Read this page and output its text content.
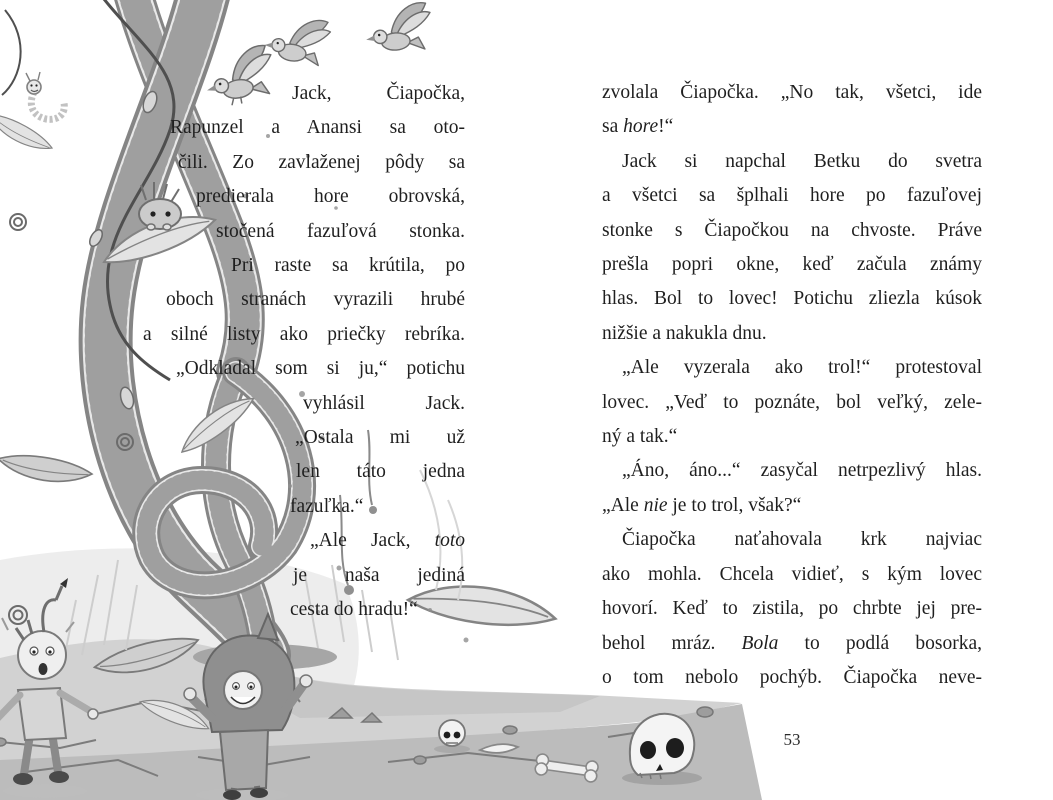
Jack, Čiapočka,
Rapunzel a Anansi sa oto-
čili. Zo zavlaženej pôdy sa
predierala hore obrovská,
stočená fazuľová stonka.
Pri raste sa krútila, po
oboch stranách vyrazili hrubé
a silné listy ako priečky rebríka.
„Odkladal som si ju,“ potichu
vyhlásil Jack.
„Ostala mi už
len táto jedna
fazuľka.“
„Ale Jack, toto
je naša jediná
cesta do hradu!“
zvolala Čiapočka. „No tak, všetci, ide
sa hore!“
Jack si napchal Betku do svetra
a všetci sa šplhali hore po fazuľovej
stonke s Čiapočkou na chvoste. Práve
prešla popri okne, keď začula známy
hlas. Bol to lovec! Potichu zliezla kúsok
nižšie a nakukla dnu.
„Ale vyzerala ako trol!“ protestoval
lovec. „Veď to poznáte, bol veľký, zele-
ný a tak.“
„Áno, áno...“ zasyčal netrpezlivý hlas.
„Ale nie je to trol, však?“
Čiapočka naťahovala krk najviac
ako mohla. Chcela vidieť, s kým lovec
hovorí. Keď to zistila, po chrbte jej pre-
behol mráz. Bola to podlá bosorka,
o tom nebolo pochýb. Čiapočka neve-
53
